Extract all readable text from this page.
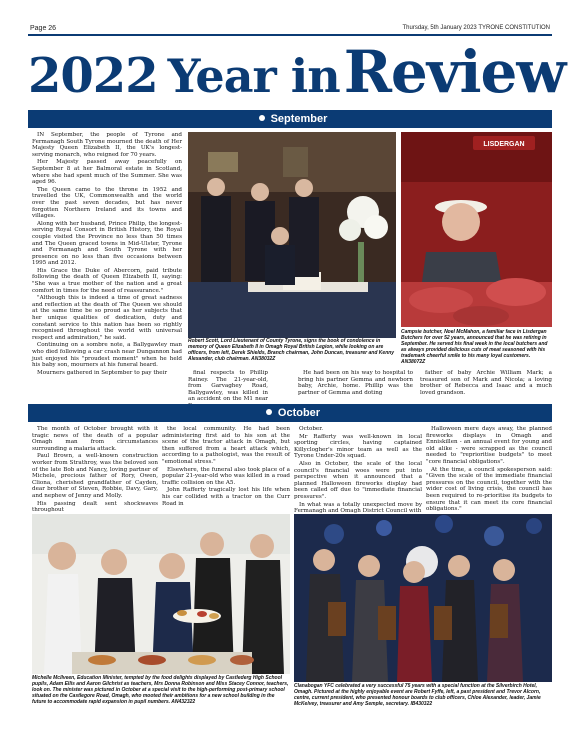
Page 26	Thursday, 5th January 2023 TYRONE CONSTITUTION
2022 Year inReview
September

IN September, the people of Tyrone and Fermanagh South Tyrone mourned the death of Her Majesty Queen Elizabeth II, the UK's longest-serving monarch, who reigned for 70 years.

Her Majesty passed away peacefully on September 8 at her Balmoral estate in Scotland, where she had spent much of the Summer. She was aged 96.

The Queen came to the throne in 1952 and travelled the UK, Commonwealth and the world over the past seven decades, but has never forgotten Northern Ireland and its towns and villages.

Along with her husband, Prince Philip, the longest-serving Royal Consort in British History, the Royal couple visited the Province no less than 50 times and The Queen graced towns in Mid-Ulster, Tyrone and Fermanagh and South Tyrone with her presence on no less than five occasions between 1995 and 2012.

His Grace the Duke of Abercorn, paid tribute following the death of Queen Elizabeth II, saying: "She was a true mother of the nation and a great comfort in times for the need of reassurance."

"Although this is indeed a time of great sadness and reflection at the death of The Queen we should at the same time be so proud as her subjects that her unique qualities of dedication, duty and constant service to this nation has been so rightly recognised throughout the world with universal respect and admiration," he said.

Continuing on a sombre note, a Ballygawley man who died following a car crash near Dungannon had just enjoyed his "proudest moment" when he held his baby son, mourners at his funeral heard.

Mourners gathered in September to pay their

Robert Scott, Lord Lieutenant of County Tyrone, signs the book of condolence in memory of Queen Elizabeth II in Omagh Royal British Legion, while looking on are officers, from left, Derek Shields, Branch chairman, John Duncan, treasurer and Kenny Alexander, club chairman. AN38032Z
LISDERGAN
Campsie butcher, Noel McMahon, a familiar face in Lisdergan Butchers for over 52 years, announced that he was retiring in September. He served his final week in the local butchers and as always provided delicious cuts of meat seasoned with his trademark cheerful smile to his many loyal customers. AN38072Z

final respects to Phillip Rainey. The 21-year-old, from Garvaghey Road, Ballygawley, was killed in an accident on the M1 near

He had been on his way to hospital to bring his partner Gemma and newborn baby, Archie, home. Phillip was the partner of Gemma and doting

father of baby Archie William Mark; a treasured son of Mark and Nicola; a loving brother of Rebecca and Isaac and a much loved grandson.

October

The month of October brought with it tragic news of the death of a popular Omagh man from circumstances surrounding a malaria attack.

Paul Brown, a well-known construction worker from Strathroy, was the beloved son of the late Bob and Nancy, loving partner of Michele, precious father of Rory, Owen, Cliona, cherished grandfather of Cayden, dear brother of Steven, Robbie, Davy, Gary, and nephew of Jenny and Molly.

His passing dealt sent shockwaves throughout

the local community. He had been administering first aid to his son at the scene of the tractor attack in Omagh, but then suffered from a heart attack which, according to a pathologist, was the result of "emotional stress."

Elsewhere, the funeral also took place of a popular 21-year-old who was killed in a road traffic collision on the A5.

John Rafferty tragically lost his life when his car collided with a tractor on the Curr Road in

October.

Mr Rafferty was well-known in local sporting circles, having captained Killyclogher's minor team as well as the Tyrone Under-20s squad.

Also in October, the scale of the local council's financial woes were put into perspective when it announced that a planned Halloween fireworks display had been called off due to "immediate financial pressures".

In what was a totally unexpected move by Fermanagh and Omagh District Council with

Halloween mere days away, the planned fireworks displays in Omagh and Enniskillen - an annual event for young and old alike - were scrapped as the council needed to "reprioritise budgets" to meet "core financial obligations".

At the time, a council spokesperson said: "Given the scale of the immediate financial pressures on the council, together with the wider cost of living crisis, the council has been required to re-prioritise its budgets to ensure that it can meet its core financial obligations."

Michelle McIlveen, Education Minister, tempted by the food delights displayed by Castlederg High School pupils, Adam Ellis and Aaron Gilchrist as teachers, Mrs Donna Robinson and Miss Stacey Connor, teachers, look on. The minister was pictured in October at a special visit to the high-performing post-primary school situated on the Castlegore Road, Omagh, who mooted their ambitions for a new school building in the future to accommodate rapid expansion in pupil numbers. AN432322
Clanabogan YFC celebrated a very successful 75 years with a special function at the Silverbirch Hotel, Omagh. Pictured at the highly enjoyable event are Robert Fyffe, left, a past president and Trevor Alcorn, centre, current president, who presented honour boards to club officers, Chloe Alexander, leader, Jamie McKelvey, treasurer and Amy Semple, secretary. IB430322
